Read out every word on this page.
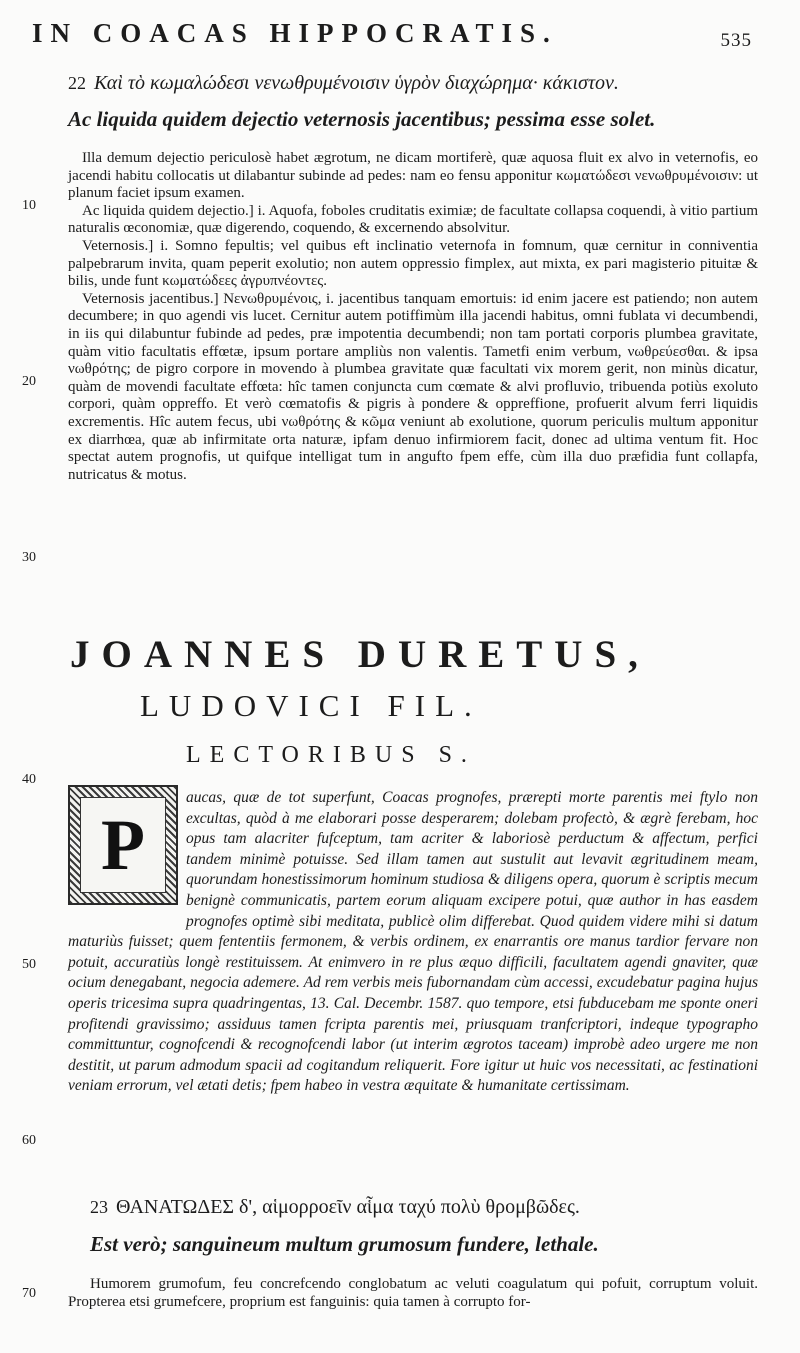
IN COACAS HIPPOCRATIS.	535
10
20
30
40
50
60
70
22 Καὶ τὸ κωμαλώδεσι νενωθρυμένοισιν ὑγρὸν διαχώρημα· κάκιστον.
Ac liquida quidem dejectio veternosis jacentibus; pessima esse solet.

Illa demum dejectio periculosè habet ægrotum, ne dicam mortiferè, quæ aquosa fluit ex alvo in veternofis, eo jacendi habitu collocatis ut dilabantur subinde ad pedes: nam eo fensu apponitur κωματώδεσι νενωθρυμένοισιν: ut planum faciet ipsum examen.

Ac liquida quidem dejectio.] i. Aquofa, foboles cruditatis eximiæ; de facultate collapsa coquendi, à vitio partium naturalis œconomiæ, quæ digerendo, coquendo, & excernendo absolvitur.

Veternosis.] i. Somno fepultis; vel quibus eft inclinatio veternofa in fomnum, quæ cernitur in conniventia palpebrarum invita, quam peperit exolutio; non autem oppressio fimplex, aut mixta, ex pari magisterio pituitæ & bilis, unde funt κωματώδεες ἀγρυπνέοντες.

Veternosis jacentibus.] Νενωθρυμένοις, i. jacentibus tanquam emortuis: id enim jacere est patiendo; non autem decumbere; in quo agendi vis lucet. Cernitur autem potiffimùm illa jacendi habitus, omni fublata vi decumbendi, in iis qui dilabuntur fubinde ad pedes, præ impotentia decumbendi; non tam portati corporis plumbea gravitate, quàm vitio facultatis effœtæ, ipsum portare ampliùs non valentis. Tametfi enim verbum, νωθρεύεσθαι. & ipsa νωθρότης; de pigro corpore in movendo à plumbea gravitate quæ facultati vix morem gerit, non minùs dicatur, quàm de movendi facultate effœta: hîc tamen conjuncta cum cœmate & alvi profluvio, tribuenda potiùs exoluto corpori, quàm oppreffo. Et verò cœmatofis & pigris à pondere & oppreffione, profuerit alvum ferri liquidis excrementis. Hîc autem fecus, ubi νωθρότης & κῶμα veniunt ab exolutione, quorum periculis multum apponitur ex diarrhœa, quæ ab infirmitate orta naturæ, ipfam denuo infirmiorem facit, donec ad ultima ventum fit. Hoc spectat autem prognofis, ut quifque intelligat tum in angufto fpem effe, cùm illa duo præfidia funt collapfa, nutricatus & motus.

JOANNES DURETUS,
LUDOVICI FIL.
LECTORIBUS S.
aucas, quæ de tot superfunt, Coacas prognofes, prærepti morte parentis mei ftylo non excultas, quòd à me elaborari posse desperarem; dolebam profectò, & ægrè ferebam, hoc opus tam alacriter fufceptum, tam acriter & laboriosè perductum & affectum, perfici tandem minimè potuisse. Sed illam tamen aut sustulit aut levavit ægritudinem meam, quorundam honestissimorum hominum studiosa & diligens opera, quorum è scriptis mecum benignè communicatis, partem eorum aliquam excipere potui, quæ author in has easdem prognofes optimè sibi meditata, publicè olim differebat. Quod quidem videre mihi si datum maturiùs fuisset; quem fententiis fermonem, & verbis ordinem, ex enarrantis ore manus tardior fervare non potuit, accuratiùs longè restituissem. At enimvero in re plus æquo difficili, facultatem agendi gnaviter, quæ ocium denegabant, negocia ademere. Ad rem verbis meis fubornandam cùm accessi, excudebatur pagina hujus operis tricesima supra quadringentas, 13. Cal. Decembr. 1587. quo tempore, etsi fubducebam me sponte oneri profitendi gravissimo; assiduus tamen fcripta parentis mei, priusquam tranfcriptori, indeque typographo committuntur, cognofcendi & recognofcendi labor (ut interim ægrotos taceam) improbè adeo urgere me non destitit, ut parum admodum spacii ad cogitandum reliquerit. Fore igitur ut huic vos necessitati, ac festinationi veniam errorum, vel ætati detis; fpem habeo in vestra æquitate & humanitate certissimam.
P
23 ΘΑΝΑΤΩΔΕΣ δ', αἱμορροεῖν αἷμα ταχύ πολὺ θρομβῶδες.
Est verò; sanguineum multum grumosum fundere, lethale.

Humorem grumofum, feu concrefcendo conglobatum ac veluti coagulatum qui pofuit, corruptum voluit. Propterea etsi grumefcere, proprium est fanguinis: quia tamen à corrupto for-
